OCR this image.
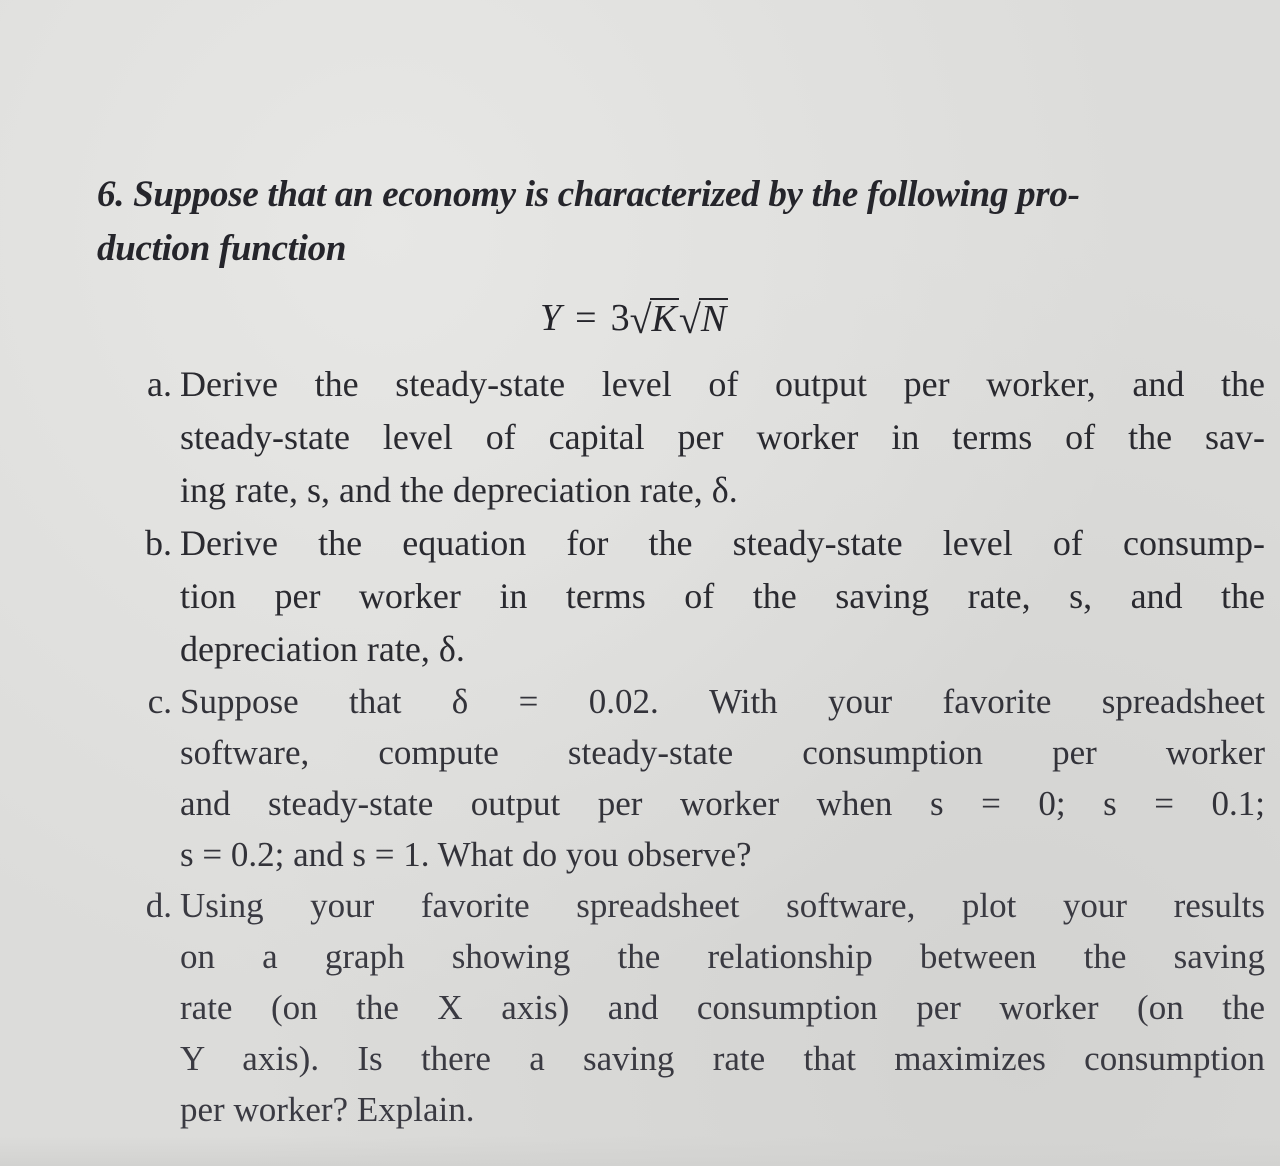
6. Suppose that an economy is characterized by the following pro-
duction function
Y = 3 √ K √ N
a. Derive the steady-state level of output per worker, and the
steady-state level of capital per worker in terms of the sav-
ing rate, s, and the depreciation rate, δ.
b. Derive the equation for the steady-state level of consump-
tion per worker in terms of the saving rate, s, and the
depreciation rate, δ.
c. Suppose that δ = 0.02. With your favorite spreadsheet
software, compute steady-state consumption per worker
and steady-state output per worker when s = 0; s = 0.1;
s = 0.2; and s = 1. What do you observe?
d. Using your favorite spreadsheet software, plot your results
on a graph showing the relationship between the saving
rate (on the X axis) and consumption per worker (on the
Y axis). Is there a saving rate that maximizes consumption
per worker? Explain.
